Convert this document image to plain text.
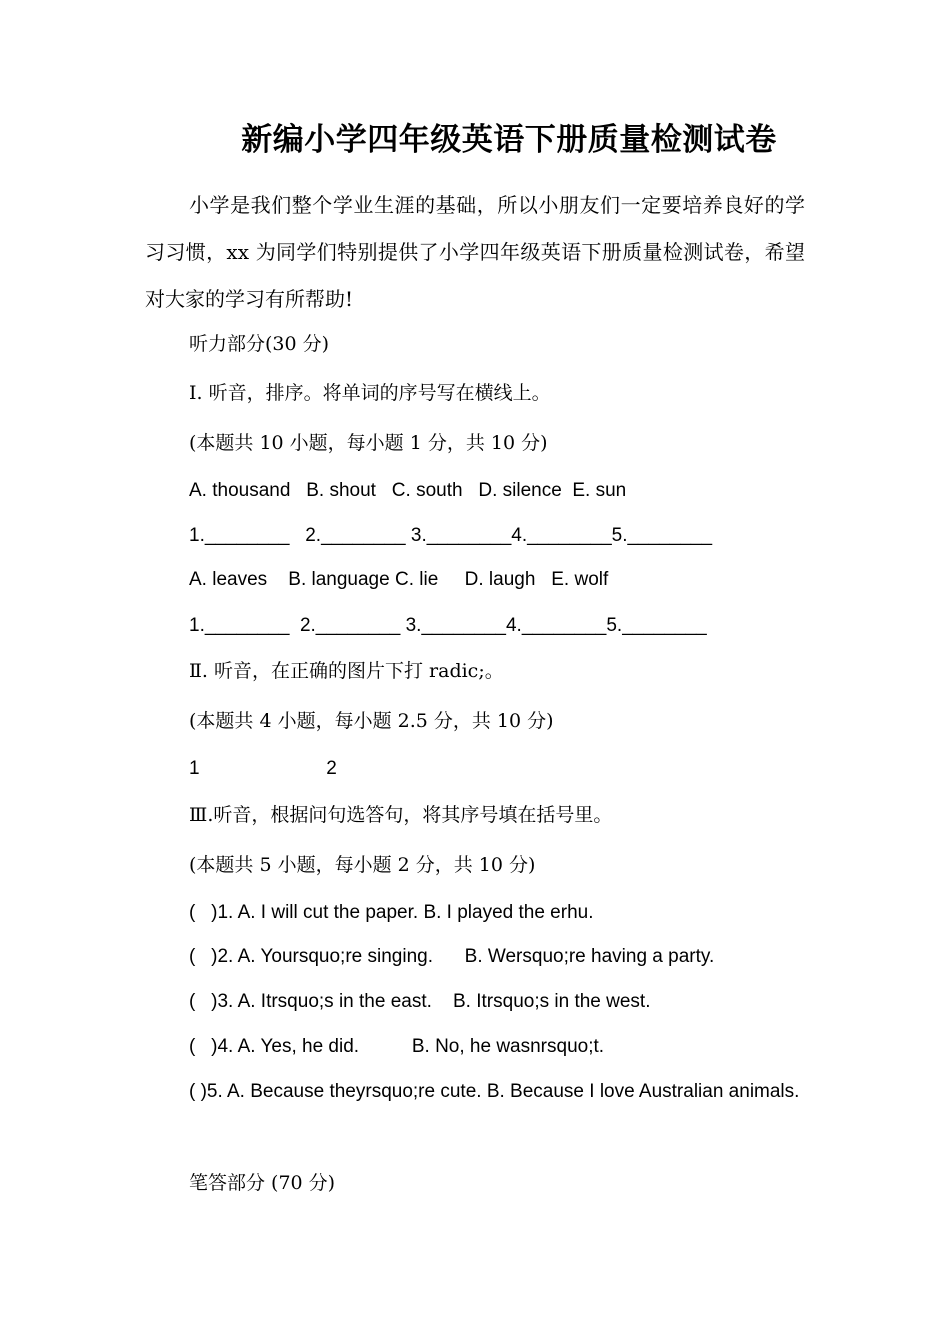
新编小学四年级英语下册质量检测试卷
小学是我们整个学业生涯的基础，所以小朋友们一定要培养良好的学习习惯，xx 为同学们特别提供了小学四年级英语下册质量检测试卷，希望对大家的学习有所帮助!
听力部分(30 分)
Ⅰ. 听音，排序。将单词的序号写在横线上。
(本题共 10 小题，每小题 1 分，共 10 分)
A. thousand   B. shout   C. south   D. silence  E. sun
1.________   2.________ 3.________4.________5.________
A. leaves    B. language C. lie     D. laugh   E. wolf
1.________  2.________ 3.________4.________5.________
Ⅱ. 听音，在正确的图片下打 radic;。
(本题共 4 小题，每小题 2.5 分，共 10 分)
1                        2
Ⅲ.听音，根据问句选答句，将其序号填在括号里。
(本题共 5 小题，每小题 2 分，共 10 分)
(   )1. A. I will cut the paper. B. I played the erhu.
(   )2. A. Yoursquo;re singing.      B. Wersquo;re having a party.
(   )3. A. Itrsquo;s in the east.    B. Itrsquo;s in the west.
(   )4. A. Yes, he did.          B. No, he wasnrsquo;t.
( )5. A. Because theyrsquo;re cute. B. Because I love Australian animals.
笔答部分 (70 分)
